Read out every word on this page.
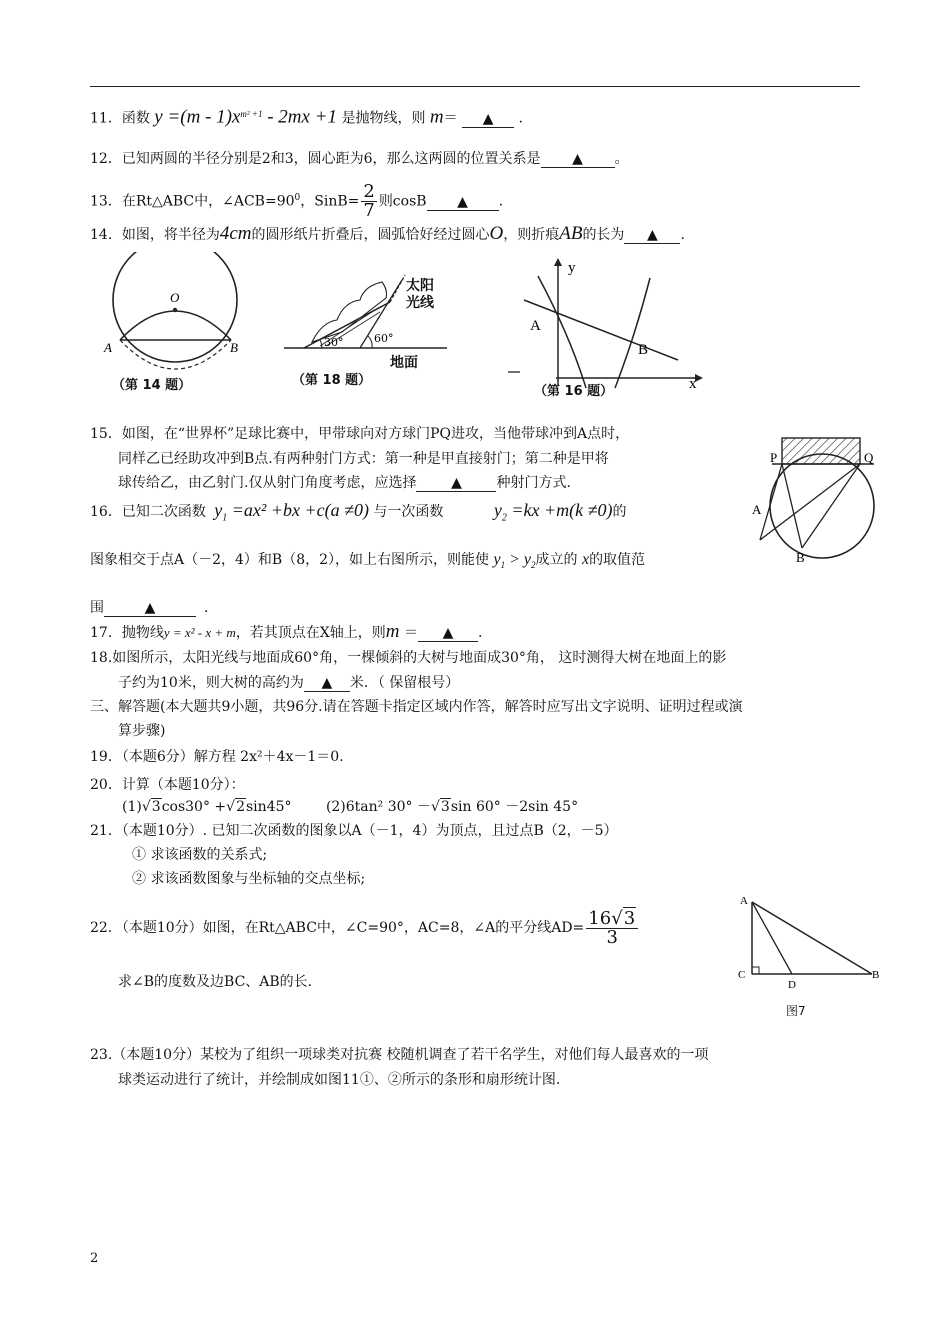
11．函数 $y =(m - 1)x^{m^2 +1} - 2mx +1$ 是抛物线，则 m＝ ▲ ．
12．已知两圆的半径分别是2和3，圆心距为6，那么这两圆的位置关系是 ▲ 。
13．在Rt△ABC中，$\angle ACB=90^0$，SinB= $\frac{2}{7}$ 则cosB ▲ .
14．如图，将半径为4cm的圆形纸片折叠后，圆弧恰好经过圆心O，则折痕AB的长为 ▲ .
O
A	B
（第 14 题）
30°	60°
太阳
光线
地面
（第 18 题）
y
x
A
B
（第 16 题）
15．如图，在“世界杯”足球比赛中，甲带球向对方球门PQ进攻，当他带球冲到A点时，
同样乙已经助攻冲到B点.有两种射门方式：第一种是甲直接射门；第二种是甲将
球传给乙，由乙射门.仅从射门角度考虑，应选择 ▲ 种射门方式.
P	Q
A
B
16．已知二次函数 $y_1 =ax^2 +bx +c(a \ne 0)$ 与一次函数	$y_2 =kx +m(k \ne 0)$的
图象相交于点A（－2，4）和B（8，2），如上右图所示，则能使 $y_1 > y_2$成立的 x的取值范
围	▲	．
17．抛物线y = x² - x + m，若其顶点在X轴上，则m ＝ ▲ .
18.如图所示，太阳光线与地面成60°角，一棵倾斜的大树与地面成30°角， 这时测得大树在地面上的影
子约为10米，则大树的高约为 ▲ 米．（ 保留根号）
三、解答题(本大题共9小题，共96分.请在答题卡指定区域内作答，解答时应写出文字说明、证明过程或演
算步骤)
19．（本题6分）解方程 2x²＋4x－1＝0.
20．计算（本题10分）：
(1)√3cos30° +√2sin45° (2)6tan² 30° －√3sin 60° －2sin 45°
21．（本题10分）. 已知二次函数的图象以A（－1，4）为顶点，且过点B（2，－5）
① 求该函数的关系式;
② 求该函数图象与坐标轴的交点坐标;
22．（本题10分）如图，在Rt△ABC中，∠C=90°，AC=8，∠A的平分线$AD= \frac{16√3}{3}$
求∠B的度数及边BC、AB的长.
A
C
D
B
图7
23.（本题10分）某校为了组织一项球类对抗赛 校随机调查了若干名学生，对他们每人最喜欢的一项
球类运动进行了统计，并绘制成如图11①、②所示的条形和扇形统计图.
2
